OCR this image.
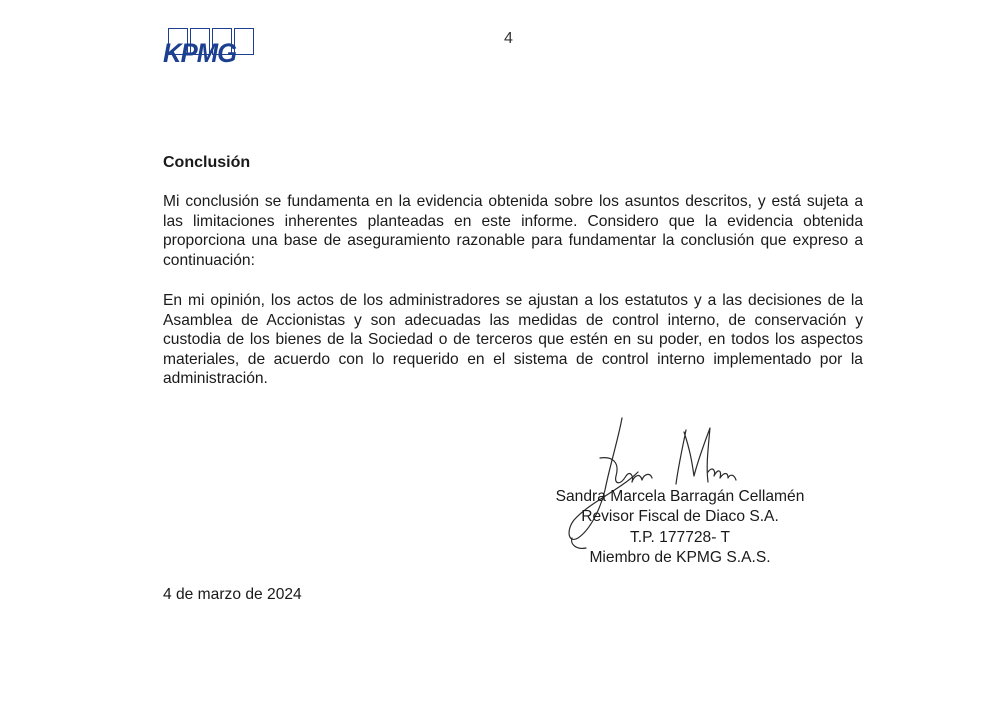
KPMG	4
Conclusión

Mi conclusión se fundamenta en la evidencia obtenida sobre los asuntos descritos, y está sujeta a las limitaciones inherentes planteadas en este informe. Considero que la evidencia obtenida proporciona una base de aseguramiento razonable para fundamentar la conclusión que expreso a continuación:

En mi opinión, los actos de los administradores se ajustan a los estatutos y a las decisiones de la Asamblea de Accionistas y son adecuadas las medidas de control interno, de conservación y custodia de los bienes de la Sociedad o de terceros que estén en su poder, en todos los aspectos materiales, de acuerdo con lo requerido en el sistema de control interno implementado por la administración.

Sandra Marcela Barragán Cellamén
Revisor Fiscal de Diaco S.A.
T.P. 177728- T
Miembro de KPMG S.A.S.
4 de marzo de 2024
